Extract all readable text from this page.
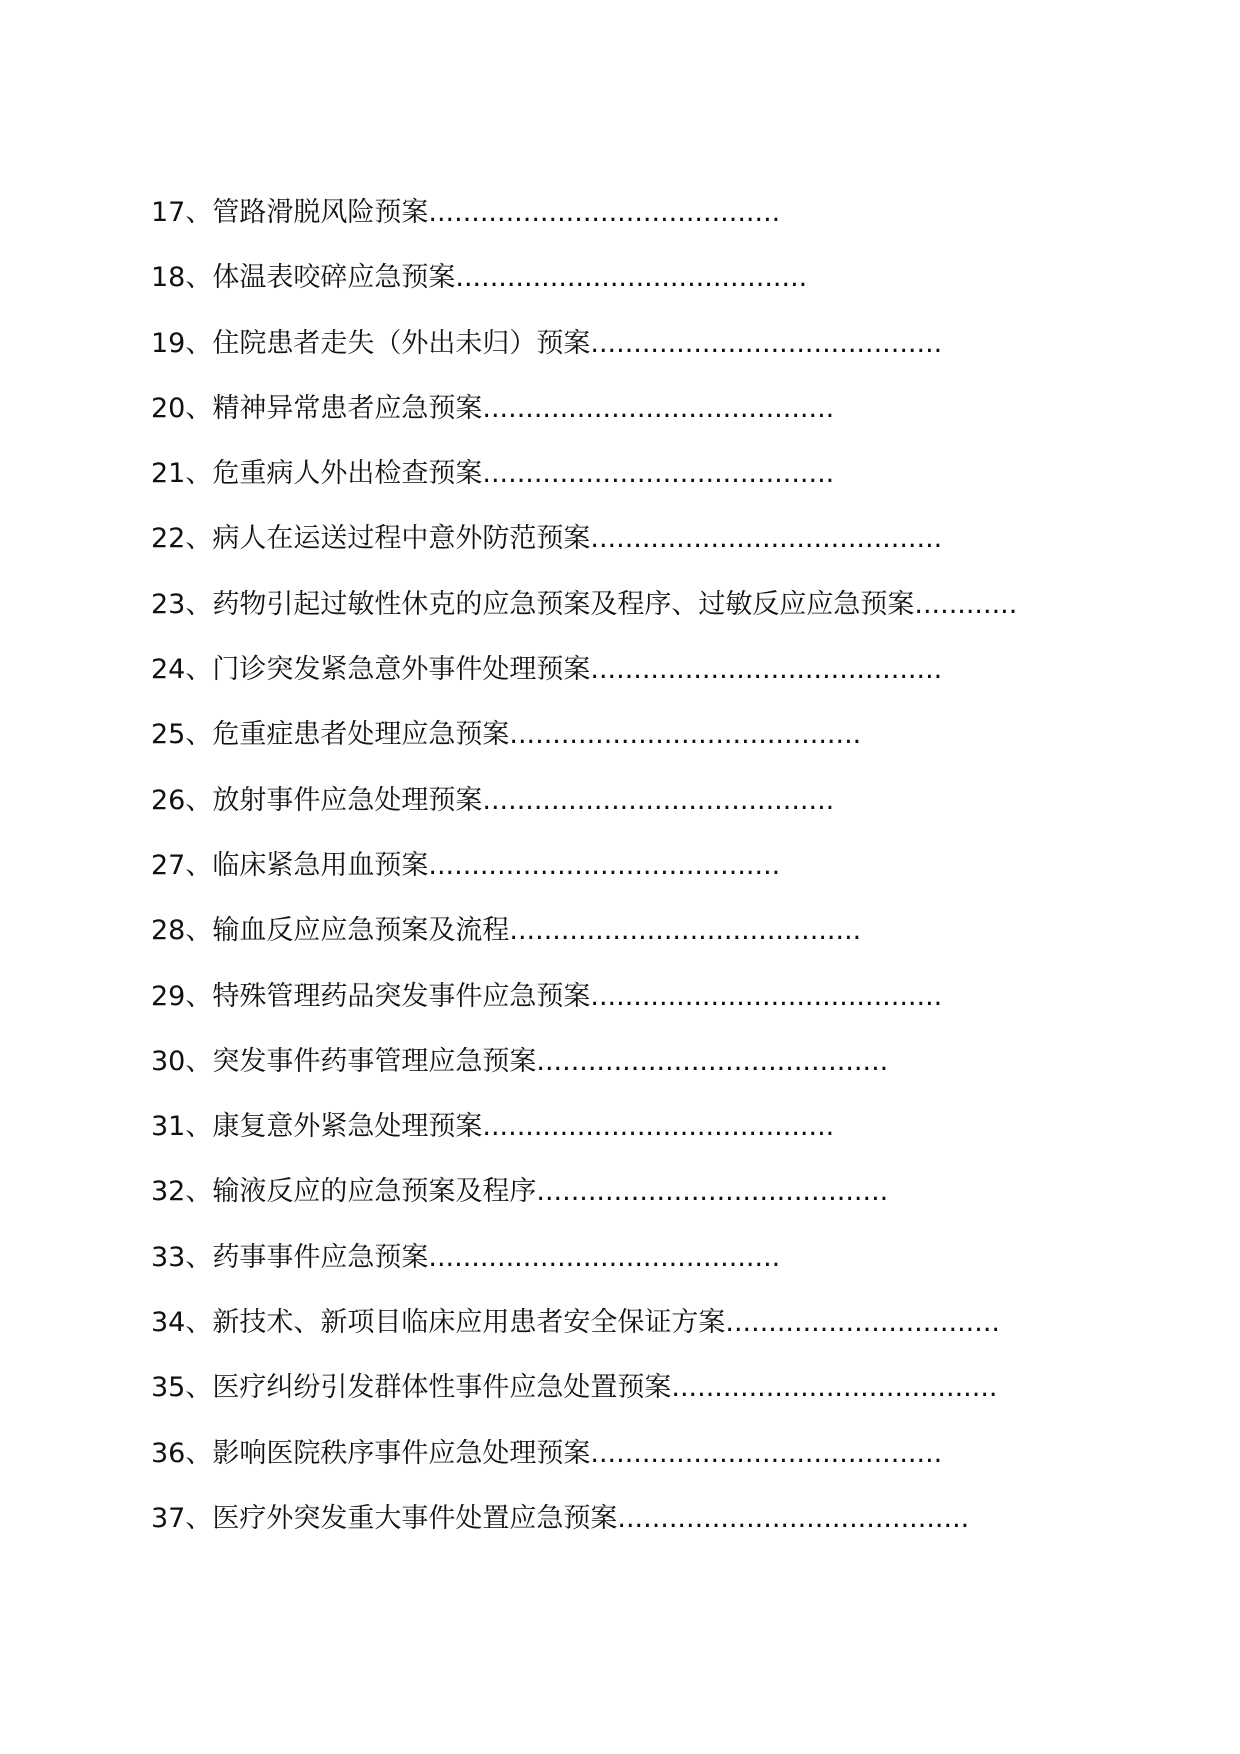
17、管路滑脱风险预案.........................................
18、体温表咬碎应急预案.........................................
19、住院患者走失（外出未归）预案.........................................
20、精神异常患者应急预案.........................................
21、危重病人外出检查预案.........................................
22、病人在运送过程中意外防范预案.........................................
23、药物引起过敏性休克的应急预案及程序、过敏反应应急预案............
24、门诊突发紧急意外事件处理预案.........................................
25、危重症患者处理应急预案.........................................
26、放射事件应急处理预案.........................................
27、临床紧急用血预案.........................................
28、输血反应应急预案及流程.........................................
29、特殊管理药品突发事件应急预案.........................................
30、突发事件药事管理应急预案.........................................
31、康复意外紧急处理预案.........................................
32、输液反应的应急预案及程序.........................................
33、药事事件应急预案.........................................
34、新技术、新项目临床应用患者安全保证方案................................
35、医疗纠纷引发群体性事件应急处置预案......................................
36、影响医院秩序事件应急处理预案.........................................
37、医疗外突发重大事件处置应急预案.........................................
